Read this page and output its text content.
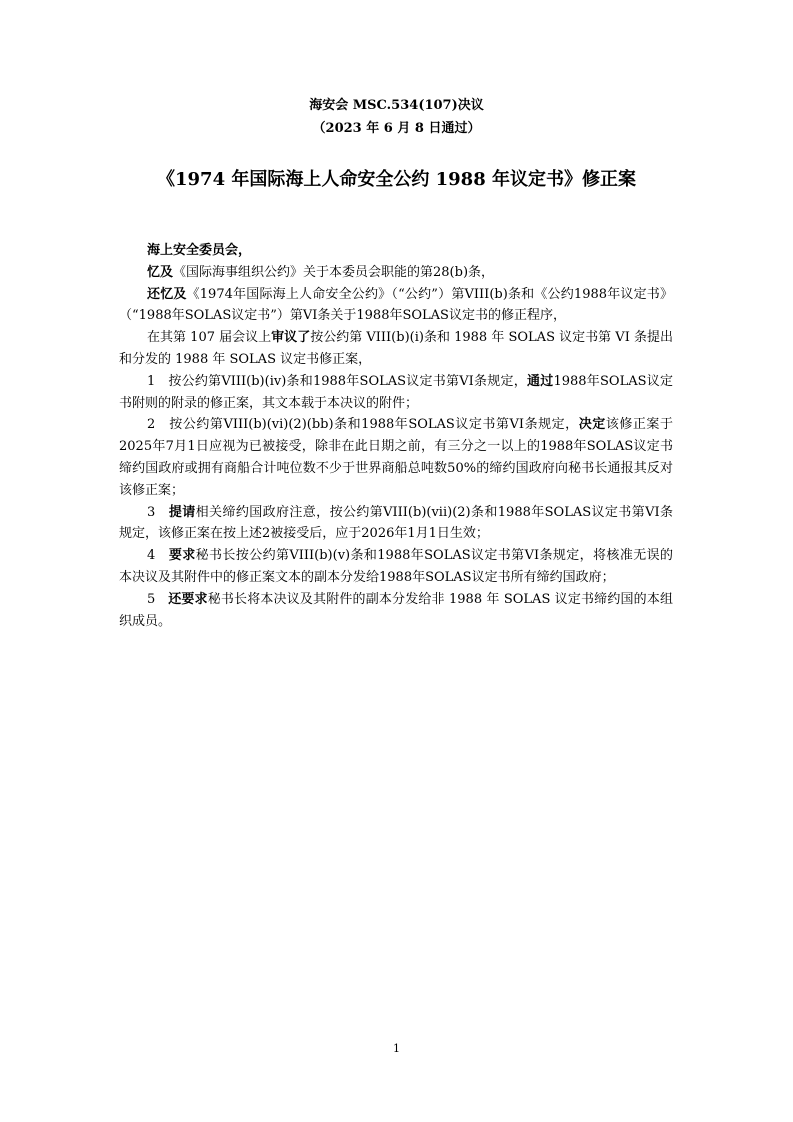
海安会 MSC.534(107)决议
（2023 年 6 月 8 日通过）
《1974 年国际海上人命安全公约 1988 年议定书》修正案

海上安全委员会，

忆及《国际海事组织公约》关于本委员会职能的第28(b)条，

还忆及《1974年国际海上人命安全公约》（“公约”）第VIII(b)条和《公约1988年议定书》（“1988年SOLAS议定书”）第VI条关于1988年SOLAS议定书的修正程序，

在其第 107 届会议上审议了按公约第 VIII(b)(i)条和 1988 年 SOLAS 议定书第 VI 条提出和分发的 1988 年 SOLAS 议定书修正案，

1 按公约第VIII(b)(iv)条和1988年SOLAS议定书第VI条规定，通过1988年SOLAS议定书附则的附录的修正案，其文本载于本决议的附件；

2 按公约第VIII(b)(vi)(2)(bb)条和1988年SOLAS议定书第VI条规定，决定该修正案于2025年7月1日应视为已被接受，除非在此日期之前，有三分之一以上的1988年SOLAS议定书缔约国政府或拥有商船合计吨位数不少于世界商船总吨数50%的缔约国政府向秘书长通报其反对该修正案；

3 提请相关缔约国政府注意，按公约第VIII(b)(vii)(2)条和1988年SOLAS议定书第VI条规定，该修正案在按上述2被接受后，应于2026年1月1日生效；

4 要求秘书长按公约第VIII(b)(v)条和1988年SOLAS议定书第VI条规定，将核准无误的本决议及其附件中的修正案文本的副本分发给1988年SOLAS议定书所有缔约国政府；

5 还要求秘书长将本决议及其附件的副本分发给非 1988 年 SOLAS 议定书缔约国的本组织成员。

1
